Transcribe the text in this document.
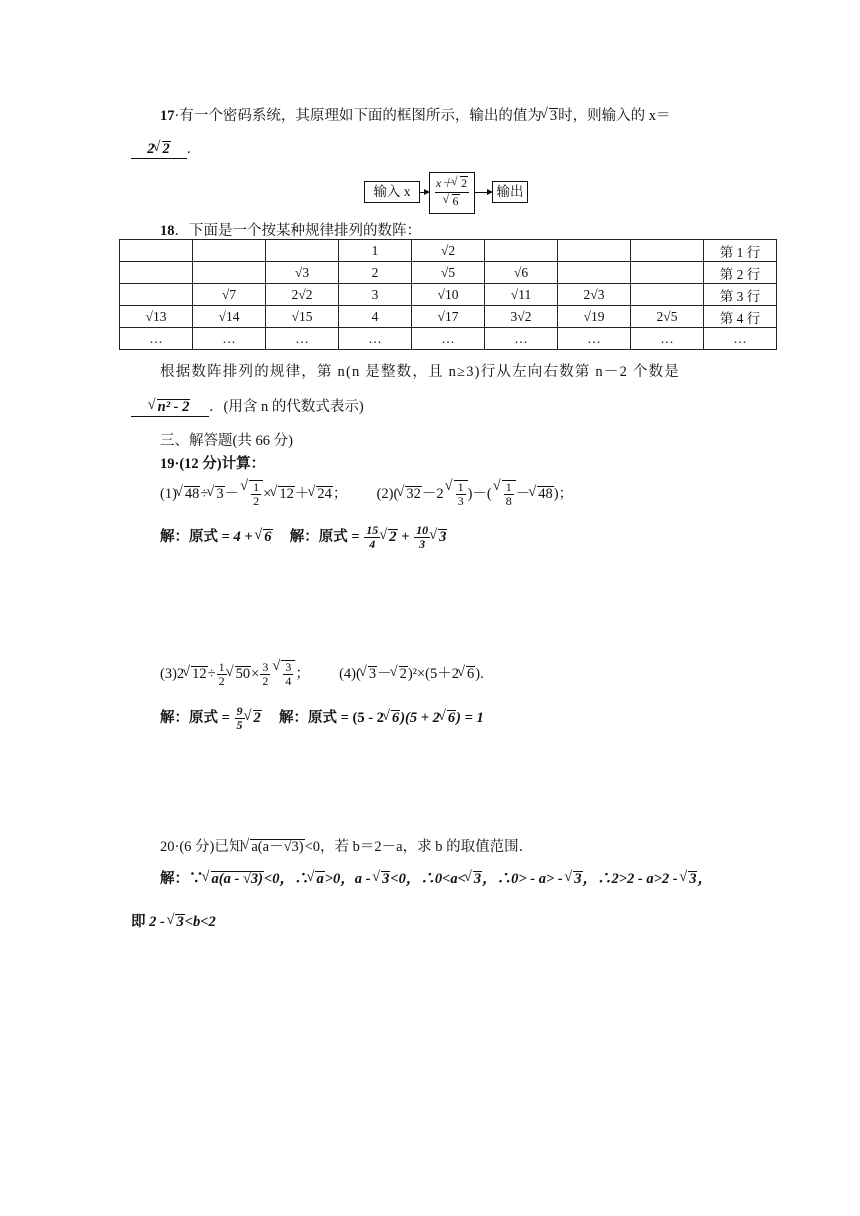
17·有一个密码系统，其原理如下面的框图所示，输出的值为 √ 3时，则输入的 x＝
2 √ 2 .
输入 x
x＋ √ 2
√ 6
输出
18．下面是一个按某种规律排列的数阵：
			1	√2				第 1 行
		√3	2	√5	√6			第 2 行
	√7	2√2	3	√10	√11	2√3		第 3 行
√13	√14	√15	4	√17	3√2	√19	2√5	第 4 行
…	…	…	…	…	…	…	…	…
根据数阵排列的规律，第 n(n 是整数，且 n≥3)行从左向右数第 n－2 个数是
√ n² - 2 ．(用含 n 的代数式表示)
三、解答题(共 66 分)
19·(12 分)计算：
(1) √ 48÷ √ 3－ √ $\frac{1}{2}$ × √ 12＋ √ 24； (2)( √ 32－2 √ $\frac{1}{3}$ )－( √ $\frac{1}{8}$ － √ 48)；
解：原式 = 4 + √ 6 解：原式 = $\frac{15}{4}$ √ $2 + \frac{10}{3}$ √ 3
(3)2 √ $12\div \frac{1}{2}$ √ $50\times \frac{3}{2}$ √ $\frac{3}{4}$ ； (4)( √ 3－ √ 2)²×(5＋2 √ 6).
解：原式 = $\frac{9}{5}$ √ 2 解：原式 = (5 - 2 √ 6)(5 + 2 √ 6) = 1
20·(6 分)已知 √ a(a－√3)<0，若 b＝2－a，求 b 的取值范围．
解：∵ √ a(a - √3)<0，∴ √ a>0，a - √ 3<0，∴0<a< √ 3，∴0> - a> - √ 3，∴2>2 - a>2 - √ 3，
即 2 - √ 3<b<2
